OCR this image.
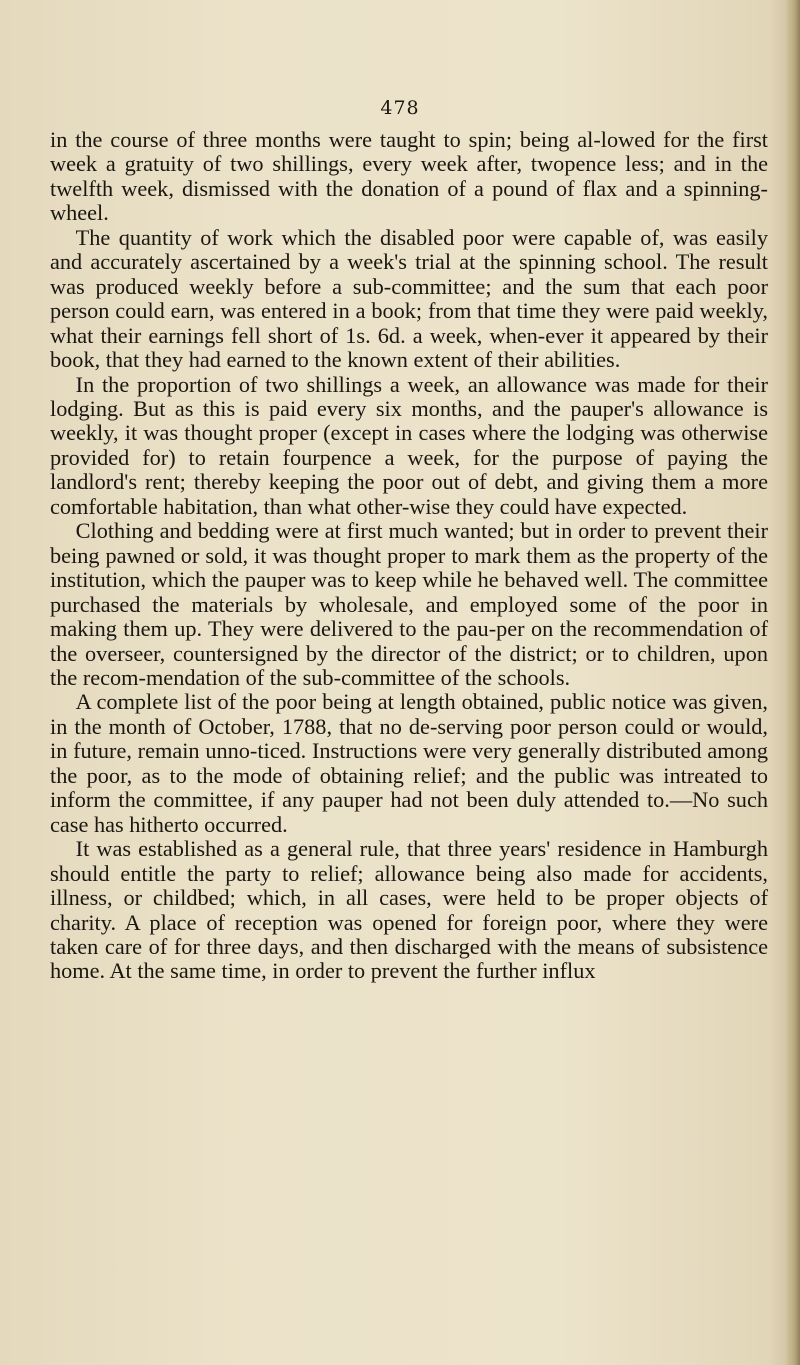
478

in the course of three months were taught to spin; being al-lowed for the first week a gratuity of two shillings, every week after, twopence less; and in the twelfth week, dismissed with the donation of a pound of flax and a spinning-wheel.

The quantity of work which the disabled poor were capable of, was easily and accurately ascertained by a week's trial at the spinning school. The result was produced weekly before a sub-committee; and the sum that each poor person could earn, was entered in a book; from that time they were paid weekly, what their earnings fell short of 1s. 6d. a week, when-ever it appeared by their book, that they had earned to the known extent of their abilities.

In the proportion of two shillings a week, an allowance was made for their lodging. But as this is paid every six months, and the pauper's allowance is weekly, it was thought proper (except in cases where the lodging was otherwise provided for) to retain fourpence a week, for the purpose of paying the landlord's rent; thereby keeping the poor out of debt, and giving them a more comfortable habitation, than what other-wise they could have expected.

Clothing and bedding were at first much wanted; but in order to prevent their being pawned or sold, it was thought proper to mark them as the property of the institution, which the pauper was to keep while he behaved well. The committee purchased the materials by wholesale, and employed some of the poor in making them up. They were delivered to the pau-per on the recommendation of the overseer, countersigned by the director of the district; or to children, upon the recom-mendation of the sub-committee of the schools.

A complete list of the poor being at length obtained, public notice was given, in the month of October, 1788, that no de-serving poor person could or would, in future, remain unno-ticed. Instructions were very generally distributed among the poor, as to the mode of obtaining relief; and the public was intreated to inform the committee, if any pauper had not been duly attended to.—No such case has hitherto occurred.

It was established as a general rule, that three years' residence in Hamburgh should entitle the party to relief; allowance being also made for accidents, illness, or childbed; which, in all cases, were held to be proper objects of charity. A place of reception was opened for foreign poor, where they were taken care of for three days, and then discharged with the means of subsistence home. At the same time, in order to prevent the further influx
